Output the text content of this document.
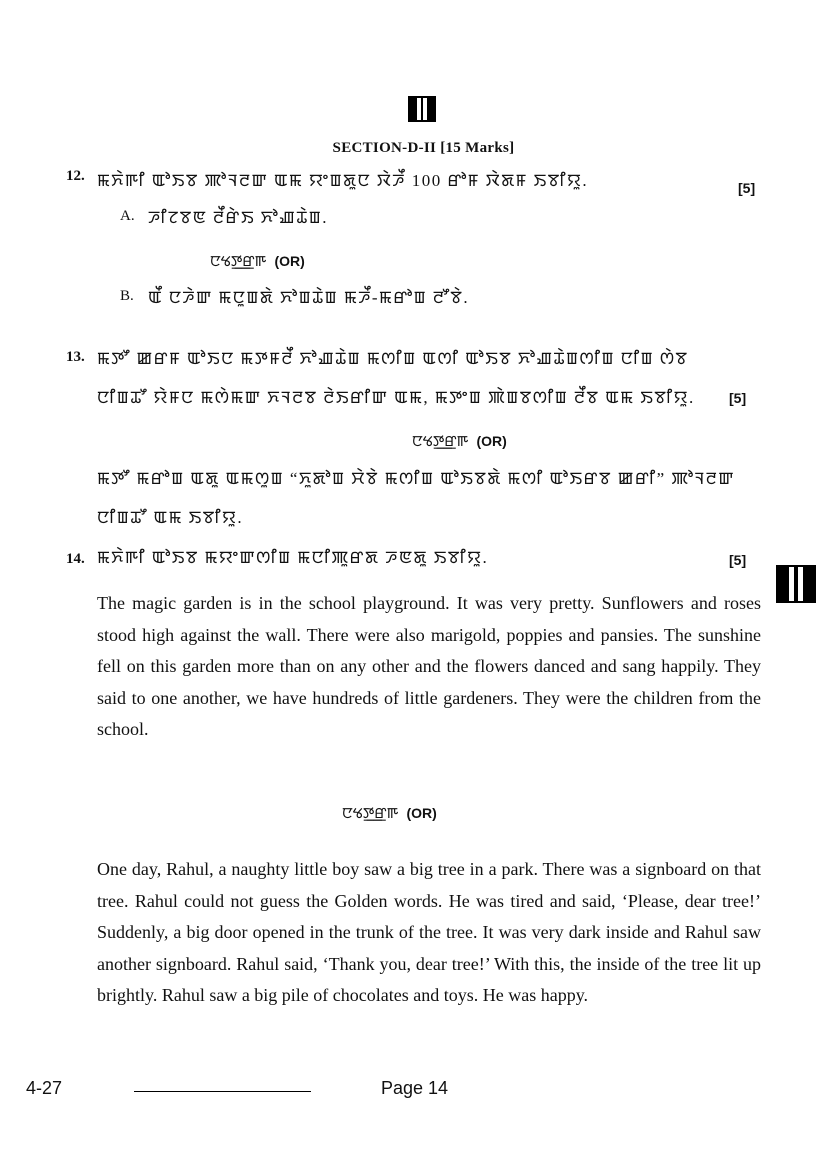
SECTION-D-II [15 Marks]
12. ꯃꯈꯥꯒꯤ ꯑꯣꯏꯕ ꯄꯣꯜꯂꯛ ꯑꯃ ꯌꯦꯡꯗꯨꯅ ꯋꯥꯍꯩ 100 ꯔꯣꯝ ꯋꯥꯗꯝ ꯏꯕꯤꯌꯨ.	[5]
A. ꯍꯤꯖꯕꯟ ꯂꯩꯔꯥꯏ ꯈꯣꯉꯊꯥꯡ.
ꯅꯠꯇ꯭ꯔꯒ (OR)
B. ꯑꯩ ꯅꯍꯥꯛ ꯃꯅꯨꯡꯗꯥ ꯈꯣꯡꯊꯥꯡ ꯃꯍꯩ-ꯃꯔꯣꯡ ꯂꯧꯕꯥ.
13. ꯃꯇꯧ ꯀꯔꯝ ꯑꯣꯏꯅ ꯃꯇꯝꯂꯩ ꯈꯣꯉꯊꯥꯡ ꯃꯁꯤꯡ ꯑꯁꯤ ꯑꯣꯏꯕ ꯈꯣꯉꯊꯥꯡꯁꯤꯡ ꯅꯤꯡ ꯁꯥꯕ
ꯅꯤꯡꯊꯧ ꯌꯥꯝꯅ ꯃꯁꯥꯃꯛ ꯈꯜꯂꯕ ꯂꯥꯏꯔꯤꯛ ꯑꯃ, ꯃꯇꯦꯡ ꯄꯥꯡꯕꯁꯤꯡ ꯂꯩꯕ ꯑꯃ ꯏꯕꯤꯌꯨ. [5]
ꯅꯠꯇ꯭ꯔꯒ (OR)
ꯃꯇꯧ ꯃꯔꯣꯡ ꯑꯗꯨ ꯑꯃꯁꯨꯡ “ꯈꯨꯗꯣꯡ ꯆꯥꯕꯥ ꯃꯁꯤꯡ ꯑꯣꯏꯕꯗꯥ ꯃꯁꯤ ꯑꯣꯏꯔꯕ ꯀꯔꯤ” ꯄꯣꯜꯂꯛ
ꯅꯤꯡꯊꯧ ꯑꯃ ꯏꯕꯤꯌꯨ.
14. ꯃꯈꯥꯒꯤ ꯑꯣꯏꯕ ꯃꯌꯦꯛꯁꯤꯡ ꯃꯅꯤꯄꯨꯔꯗ ꯍꯟꯗꯨ ꯏꯕꯤꯌꯨ.	[5]
The magic garden is in the school playground. It was very pretty. Sunflowers and roses stood high against the wall. There were also marigold, poppies and pansies. The sunshine fell on this garden more than on any other and the flowers danced and sang happily. They said to one another, we have hundreds of little gardeners. They were the children from the school.
ꯅꯠꯇ꯭ꯔꯒ (OR)
One day, Rahul, a naughty little boy saw a big tree in a park. There was a signboard on that tree. Rahul could not guess the Golden words. He was tired and said, ‘Please, dear tree!’ Suddenly, a big door opened in the trunk of the tree. It was very dark inside and Rahul saw another signboard. Rahul said, ‘Thank you, dear tree!’ With this, the inside of the tree lit up brightly. Rahul saw a big pile of chocolates and toys. He was happy.
4-27	Page 14
